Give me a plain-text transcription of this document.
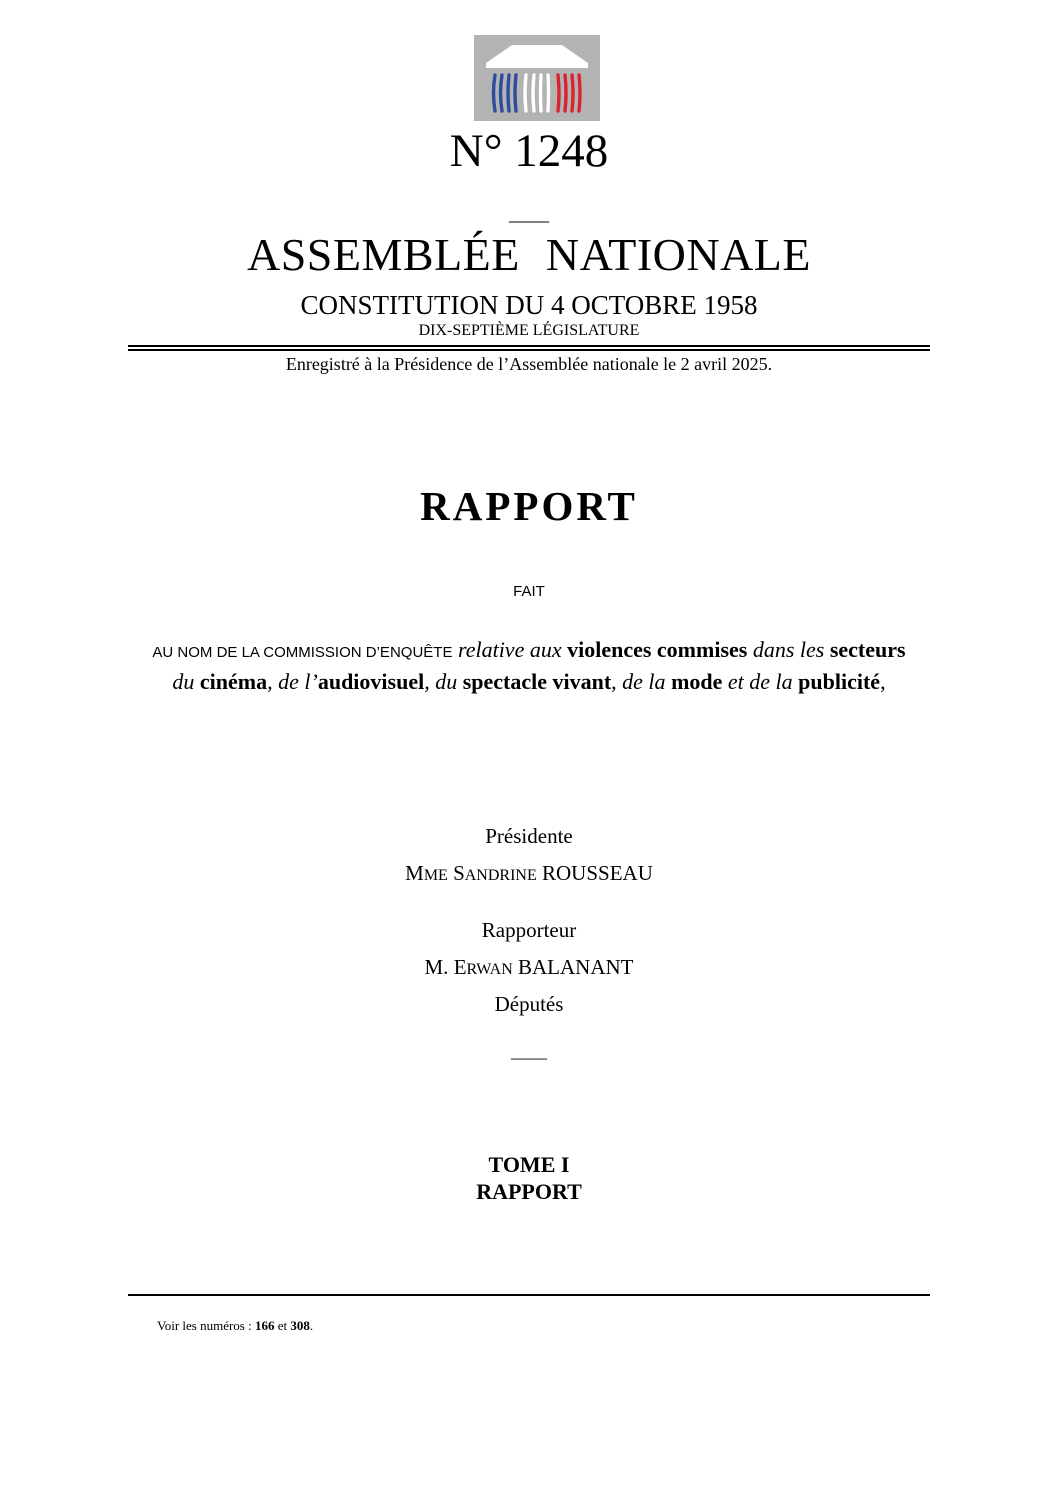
N° 1248
____
ASSEMBLÉE NATIONALE
CONSTITUTION DU 4 OCTOBRE 1958
DIX-SEPTIÈME LÉGISLATURE
Enregistré à la Présidence de l’Assemblée nationale le 2 avril 2025.
RAPPORT
FAIT
AU NOM DE LA COMMISSION D’ENQUÊTE relative aux violences commises dans les secteurs du cinéma, de l’audiovisuel, du spectacle vivant, de la mode et de la publicité,
Présidente
MME SANDRINE ROUSSEAU
Rapporteur
M. ERWAN BALANANT
Députés
____
TOME I
RAPPORT
Voir les numéros : 166 et 308.
